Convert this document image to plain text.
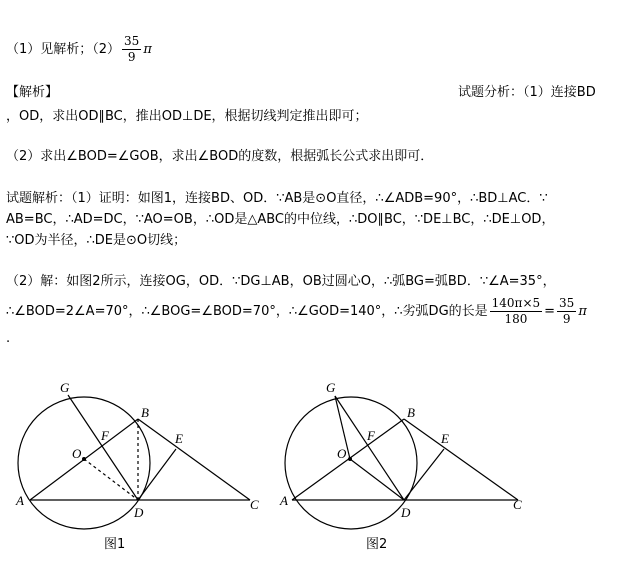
（1）见解析；$(2) \frac{35}{9}$ π
【解析】	试题分析：（1）连接BD
，OD，求出OD∥BC，推出OD⊥DE，根据切线判定推出即可；
（2）求出∠BOD=∠GOB，求出∠BOD的度数，根据弧长公式求出即可．
试题解析：（1）证明：如图1，连接BD、OD．∵AB是⊙O直径，∴∠ADB=90°，∴BD⊥AC．∵
AB=BC，∴AD=DC，∵AO=OB，∴OD是△ABC的中位线，∴DO∥BC，∵DE⊥BC，∴DE⊥OD，
∵OD为半径，∴DE是⊙O切线；
（2）解：如图2所示，连接OG，OD．∵DG⊥AB，OB过圆心O，∴弧BG=弧BD．∵∠A=35°，
∴∠BOD=2∠A=70°，∴∠BOG=∠BOD=70°，∴∠GOD=140°，∴劣弧DG的长是 $\frac{140\pi\times 5}{180} = \frac{35}{9}$ π
.
G
B
F	E
O
A
D
C
图1
G
B
F	E
O
A
D
C
图2
